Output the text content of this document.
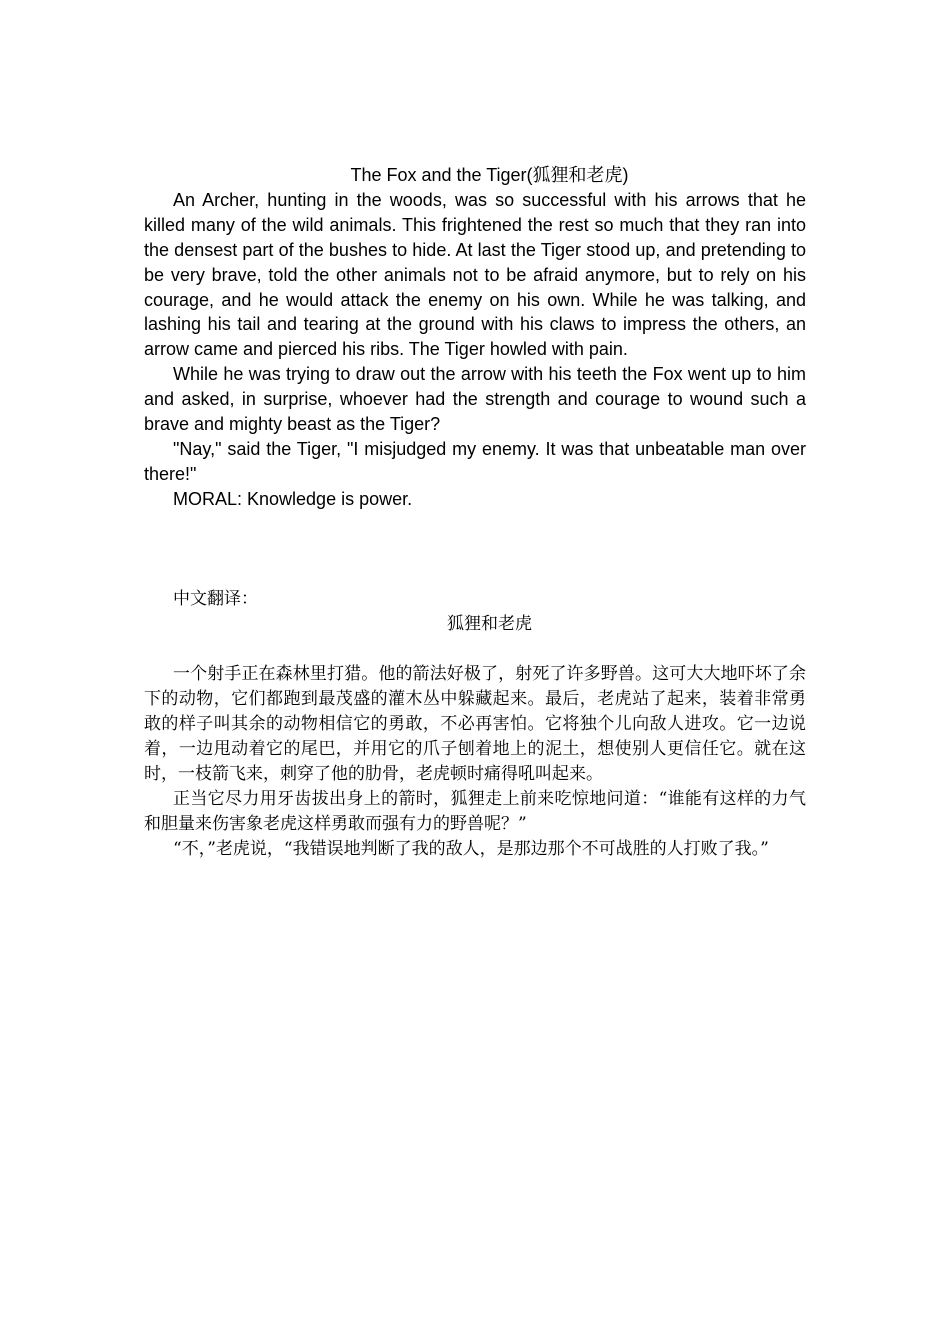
The Fox and the Tiger(狐狸和老虎)

An Archer, hunting in the woods, was so successful with his arrows that he killed many of the wild animals. This frightened the rest so much that they ran into the densest part of the bushes to hide. At last the Tiger stood up, and pretending to be very brave, told the other animals not to be afraid anymore, but to rely on his courage, and he would attack the enemy on his own. While he was talking, and lashing his tail and tearing at the ground with his claws to impress the others, an arrow came and pierced his ribs. The Tiger howled with pain.

While he was trying to draw out the arrow with his teeth the Fox went up to him and asked, in surprise, whoever had the strength and courage to wound such a brave and mighty beast as the Tiger?

"Nay," said the Tiger, "I misjudged my enemy. It was that unbeatable man over there!"

MORAL: Knowledge is power.

中文翻译：

狐狸和老虎

一个射手正在森林里打猎。他的箭法好极了，射死了许多野兽。这可大大地吓坏了余下的动物，它们都跑到最茂盛的灌木丛中躲藏起来。最后，老虎站了起来，装着非常勇敢的样子叫其余的动物相信它的勇敢，不必再害怕。它将独个儿向敌人进攻。它一边说着，一边甩动着它的尾巴，并用它的爪子刨着地上的泥土，想使别人更信任它。就在这时，一枝箭飞来，刺穿了他的肋骨，老虎顿时痛得吼叫起来。

正当它尽力用牙齿拔出身上的箭时，狐狸走上前来吃惊地问道：“谁能有这样的力气和胆量来伤害象老虎这样勇敢而强有力的野兽呢？”

“不，”老虎说，“我错误地判断了我的敌人，是那边那个不可战胜的人打败了我。”
